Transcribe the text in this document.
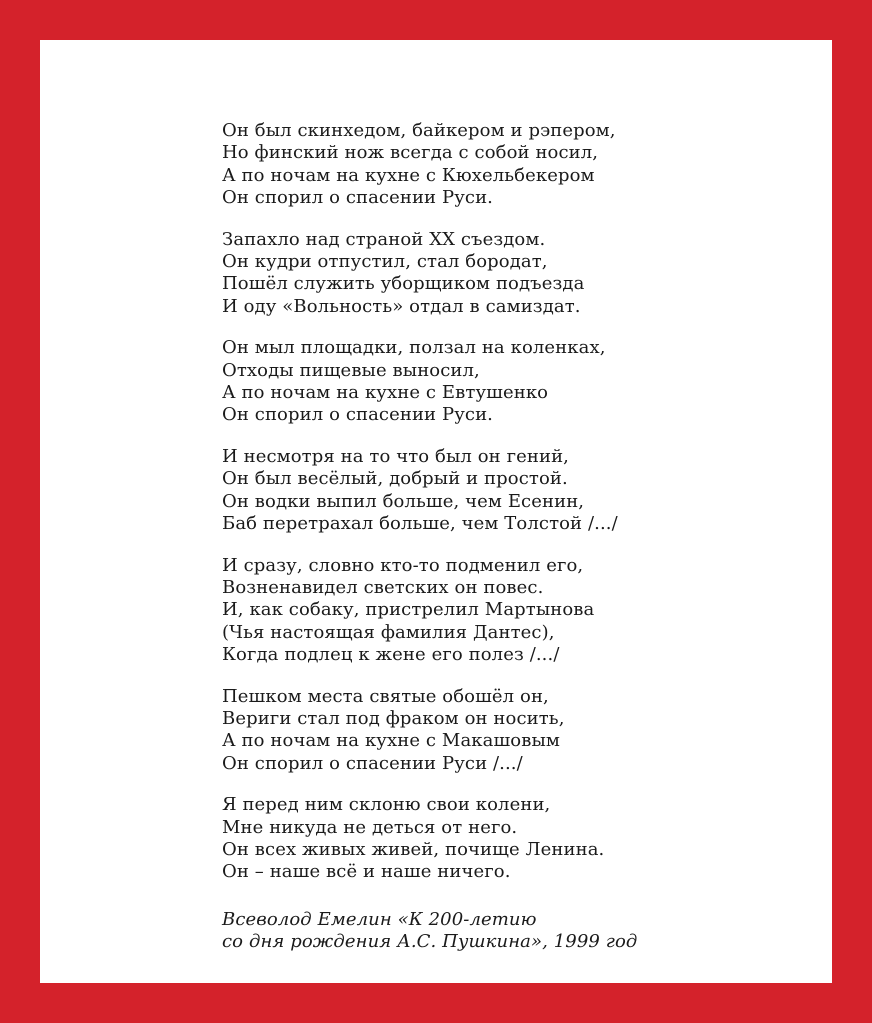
Он был скинхедом, байкером и рэпером,
Но финский нож всегда с собой носил,
А по ночам на кухне с Кюхельбекером
Он спорил о спасении Руси.
Запахло над страной XX съездом.
Он кудри отпустил, стал бородат,
Пошёл служить уборщиком подъезда
И оду «Вольность» отдал в самиздат.
Он мыл площадки, ползал на коленках,
Отходы пищевые выносил,
А по ночам на кухне с Евтушенко
Он спорил о спасении Руси.
И несмотря на то что был он гений,
Он был весёлый, добрый и простой.
Он водки выпил больше, чем Есенин,
Баб перетрахал больше, чем Толстой /.../
И сразу, словно кто-то подменил его,
Возненавидел светских он повес.
И, как собаку, пристрелил Мартынова
(Чья настоящая фамилия Дантес),
Когда подлец к жене его полез /.../
Пешком места святые обошёл он,
Вериги стал под фраком он носить,
А по ночам на кухне с Макашовым
Он спорил о спасении Руси /.../
Я перед ним склоню свои колени,
Мне никуда не деться от него.
Он всех живых живей, почище Ленина.
Он – наше всё и наше ничего.
Всеволод Емелин «К 200-летию
со дня рождения А.С. Пушкина», 1999 год
